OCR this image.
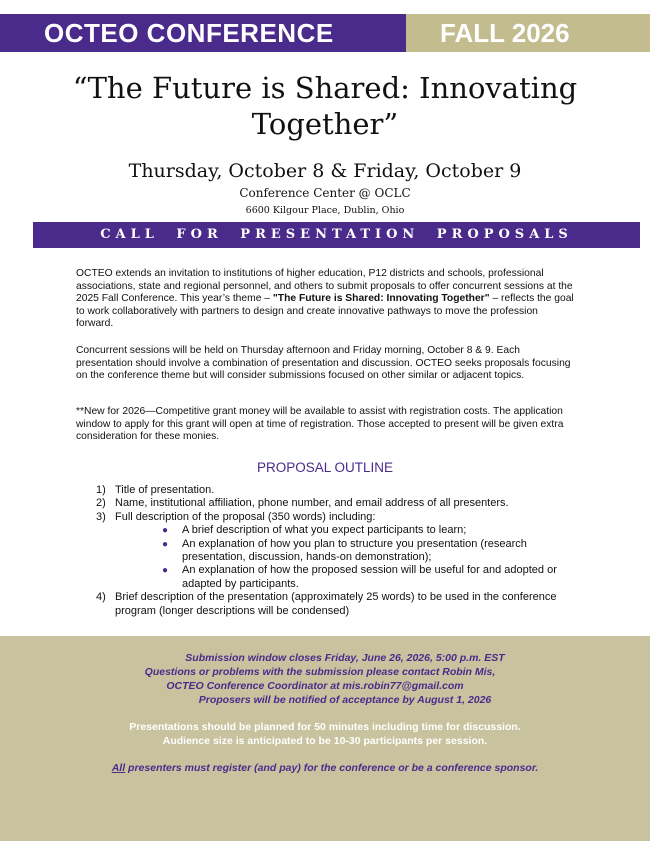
OCTEO CONFERENCE	FALL 2026
“The Future is Shared: Innovating Together”
Thursday, October 8 & Friday, October 9
Conference Center @ OCLC
6600 Kilgour Place, Dublin, Ohio
CALL FOR PRESENTATION PROPOSALS

OCTEO extends an invitation to institutions of higher education, P12 districts and schools, professional associations, state and regional personnel, and others to submit proposals to offer concurrent sessions at the 2025 Fall Conference. This year’s theme – "The Future is Shared: Innovating Together" – reflects the goal to work collaboratively with partners to design and create innovative pathways to move the profession forward.

Concurrent sessions will be held on Thursday afternoon and Friday morning, October 8 & 9. Each presentation should involve a combination of presentation and discussion. OCTEO seeks proposals focusing on the conference theme but will consider submissions focused on other similar or adjacent topics.

**New for 2026—Competitive grant money will be available to assist with registration costs. The application window to apply for this grant will open at time of registration. Those accepted to present will be given extra consideration for these monies.

PROPOSAL OUTLINE
1) Title of presentation.
2) Name, institutional affiliation, phone number, and email address of all presenters.
3) Full description of the proposal (350 words) including:
●	A brief description of what you expect participants to learn;
●	An explanation of how you plan to structure you presentation (research presentation, discussion, hands-on demonstration);
●	An explanation of how the proposed session will be useful for and adopted or adapted by participants.
4) Brief description of the presentation (approximately 25 words) to be used in the conference program (longer descriptions will be condensed)
Submission window closes Friday, June 26, 2026, 5:00 p.m. EST
Questions or problems with the submission please contact Robin Mis,
OCTEO Conference Coordinator at mis.robin77@gmail.com
Proposers will be notified of acceptance by August 1, 2026
Presentations should be planned for 50 minutes including time for discussion.
Audience size is anticipated to be 10-30 participants per session.
All presenters must register (and pay) for the conference or be a conference sponsor.
